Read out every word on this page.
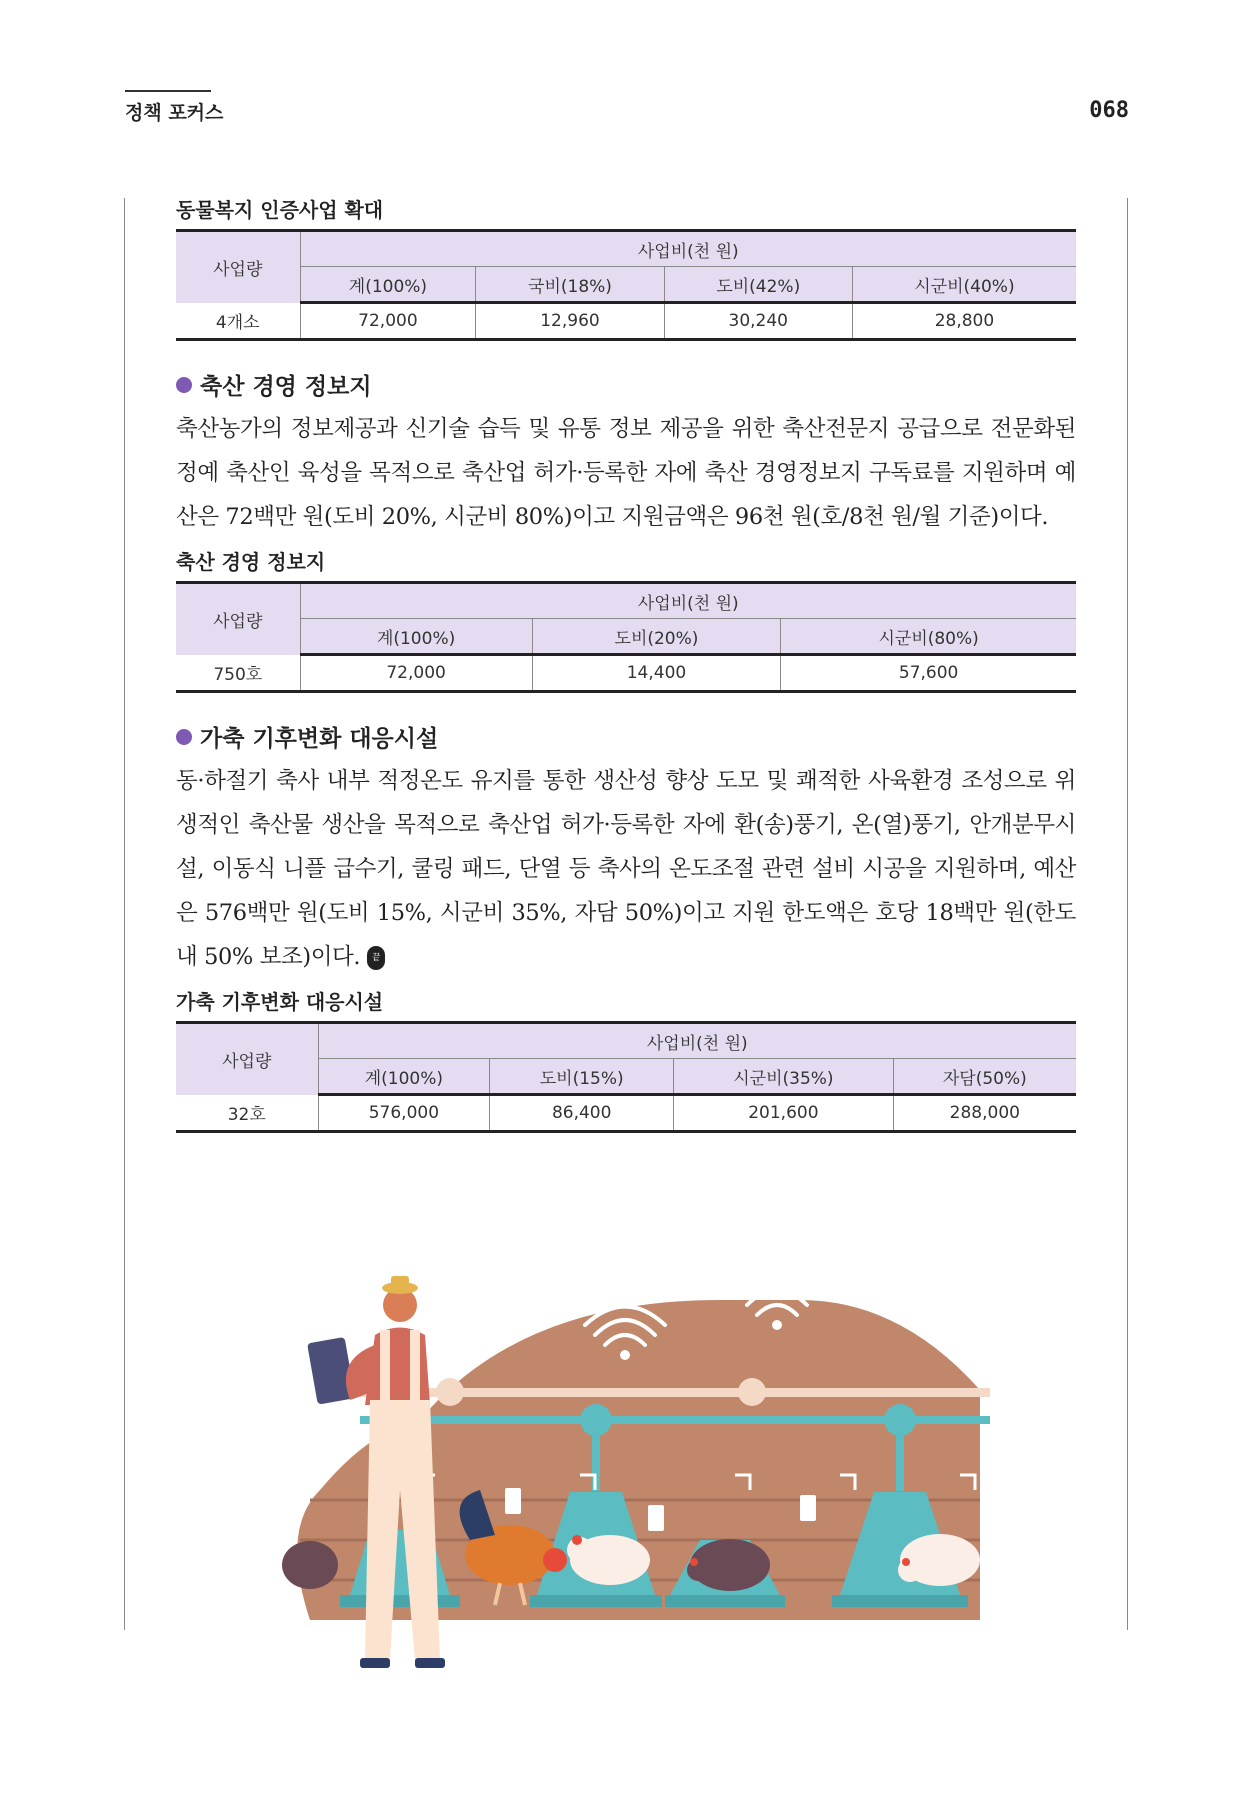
정책 포커스	068
동물복지 인증사업 확대
사업량	사업비(천 원)			
	계(100%)	국비(18%)	도비(42%)	시군비(40%)
4개소	72,000	12,960	30,240	28,800
축산 경영 정보지

축산농가의 정보제공과 신기술 습득 및 유통 정보 제공을 위한 축산전문지 공급으로 전문화된 정예 축산인 육성을 목적으로 축산업 허가·등록한 자에 축산 경영정보지 구독료를 지원하며 예산은 72백만 원(도비 20%, 시군비 80%)이고 지원금액은 96천 원(호/8천 원/월 기준)이다.

축산 경영 정보지
사업량	사업비(천 원)		
	계(100%)	도비(20%)	시군비(80%)
750호	72,000	14,400	57,600
가축 기후변화 대응시설

동·하절기 축사 내부 적정온도 유지를 통한 생산성 향상 도모 및 쾌적한 사육환경 조성으로 위생적인 축산물 생산을 목적으로 축산업 허가·등록한 자에 환(송)풍기, 온(열)풍기, 안개분무시설, 이동식 니플 급수기, 쿨링 패드, 단열 등 축사의 온도조절 관련 설비 시공을 지원하며, 예산은 576백만 원(도비 15%, 시군비 35%, 자담 50%)이고 지원 한도액은 호당 18백만 원(한도 내 50% 보조)이다. 끝

가축 기후변화 대응시설
사업량	사업비(천 원)			
	계(100%)	도비(15%)	시군비(35%)	자담(50%)
32호	576,000	86,400	201,600	288,000
